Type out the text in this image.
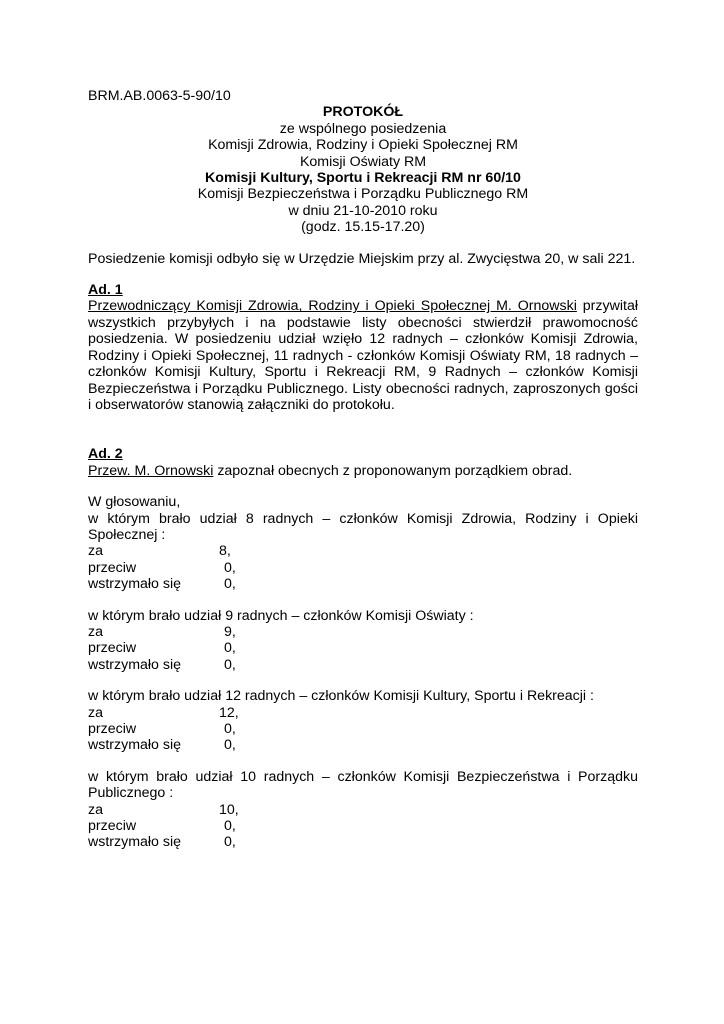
BRM.AB.0063-5-90/10
PROTOKÓŁ
ze wspólnego posiedzenia
Komisji Zdrowia, Rodziny i Opieki Społecznej RM
Komisji Oświaty RM
Komisji Kultury, Sportu i Rekreacji RM nr 60/10
Komisji Bezpieczeństwa i Porządku Publicznego RM
w dniu 21-10-2010 roku
(godz. 15.15-17.20)
Posiedzenie komisji odbyło się w Urzędzie Miejskim przy al. Zwycięstwa 20, w sali 221.
Ad. 1
Przewodniczący Komisji Zdrowia, Rodziny i Opieki Społecznej M. Ornowski przywitał wszystkich przybyłych i na podstawie listy obecności stwierdził prawomocność posiedzenia. W posiedzeniu udział wzięło 12 radnych – członków Komisji Zdrowia, Rodziny i Opieki Społecznej, 11 radnych - członków Komisji Oświaty RM, 18 radnych – członków Komisji Kultury, Sportu i Rekreacji RM, 9 Radnych – członków Komisji Bezpieczeństwa i Porządku Publicznego. Listy obecności radnych, zaproszonych gości i obserwatorów stanowią załączniki do protokołu.
Ad. 2
Przew. M. Ornowski zapoznał obecnych z proponowanym porządkiem obrad.
W głosowaniu,
w którym brało udział 8 radnych – członków Komisji Zdrowia, Rodziny i Opieki Społecznej :
za	8,
przeciw	0,
wstrzymało się	0,
w którym brało udział 9 radnych – członków Komisji Oświaty :
za	9,
przeciw	0,
wstrzymało się	0,
w którym brało udział 12 radnych – członków Komisji Kultury, Sportu i Rekreacji :
za	12,
przeciw	0,
wstrzymało się	0,
w którym brało udział 10 radnych – członków Komisji Bezpieczeństwa i Porządku Publicznego :
za	10,
przeciw	0,
wstrzymało się	0,
